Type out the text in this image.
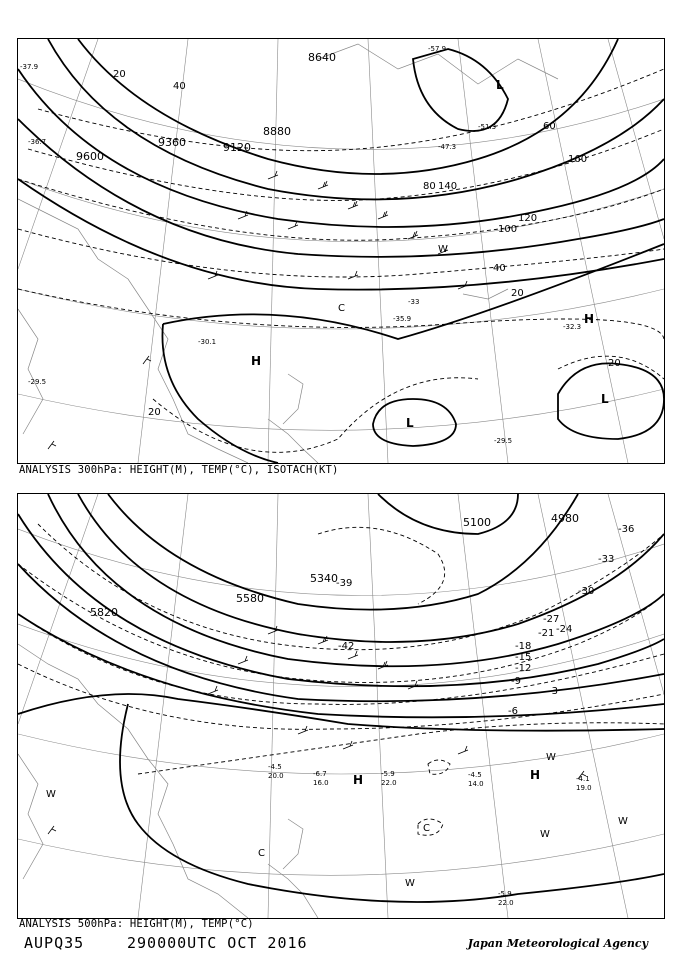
8640
9360	9120
8880
9600
20
40
60
80
100
120
140
160
20
40
20
20
-37.9
-36.7
-35.9
-33
-32.3
-29.5
-30.1
-29.5
-51.3
-47.3
-57.9
L
L
L
H
H
W
C
ANALYSIS 300hPa: HEIGHT(M), TEMP(°C), ISOTACH(KT)
5100	4980
5340
5580
5820
-36
-33
-30
-27
-24
-21
-18
-15
-12
-9
-6
-3
-39
-42
-4.5
14.0
-4.1
19.0
-5.9
22.0
-6.7
16.0
-4.5
20.0
-5.9
22.0
H
H
W
W
W
W
W
C
C
ANALYSIS 500hPa: HEIGHT(M), TEMP(°C)
AUPQ35	290000UTC OCT 2016	Japan Meteorological Agency
